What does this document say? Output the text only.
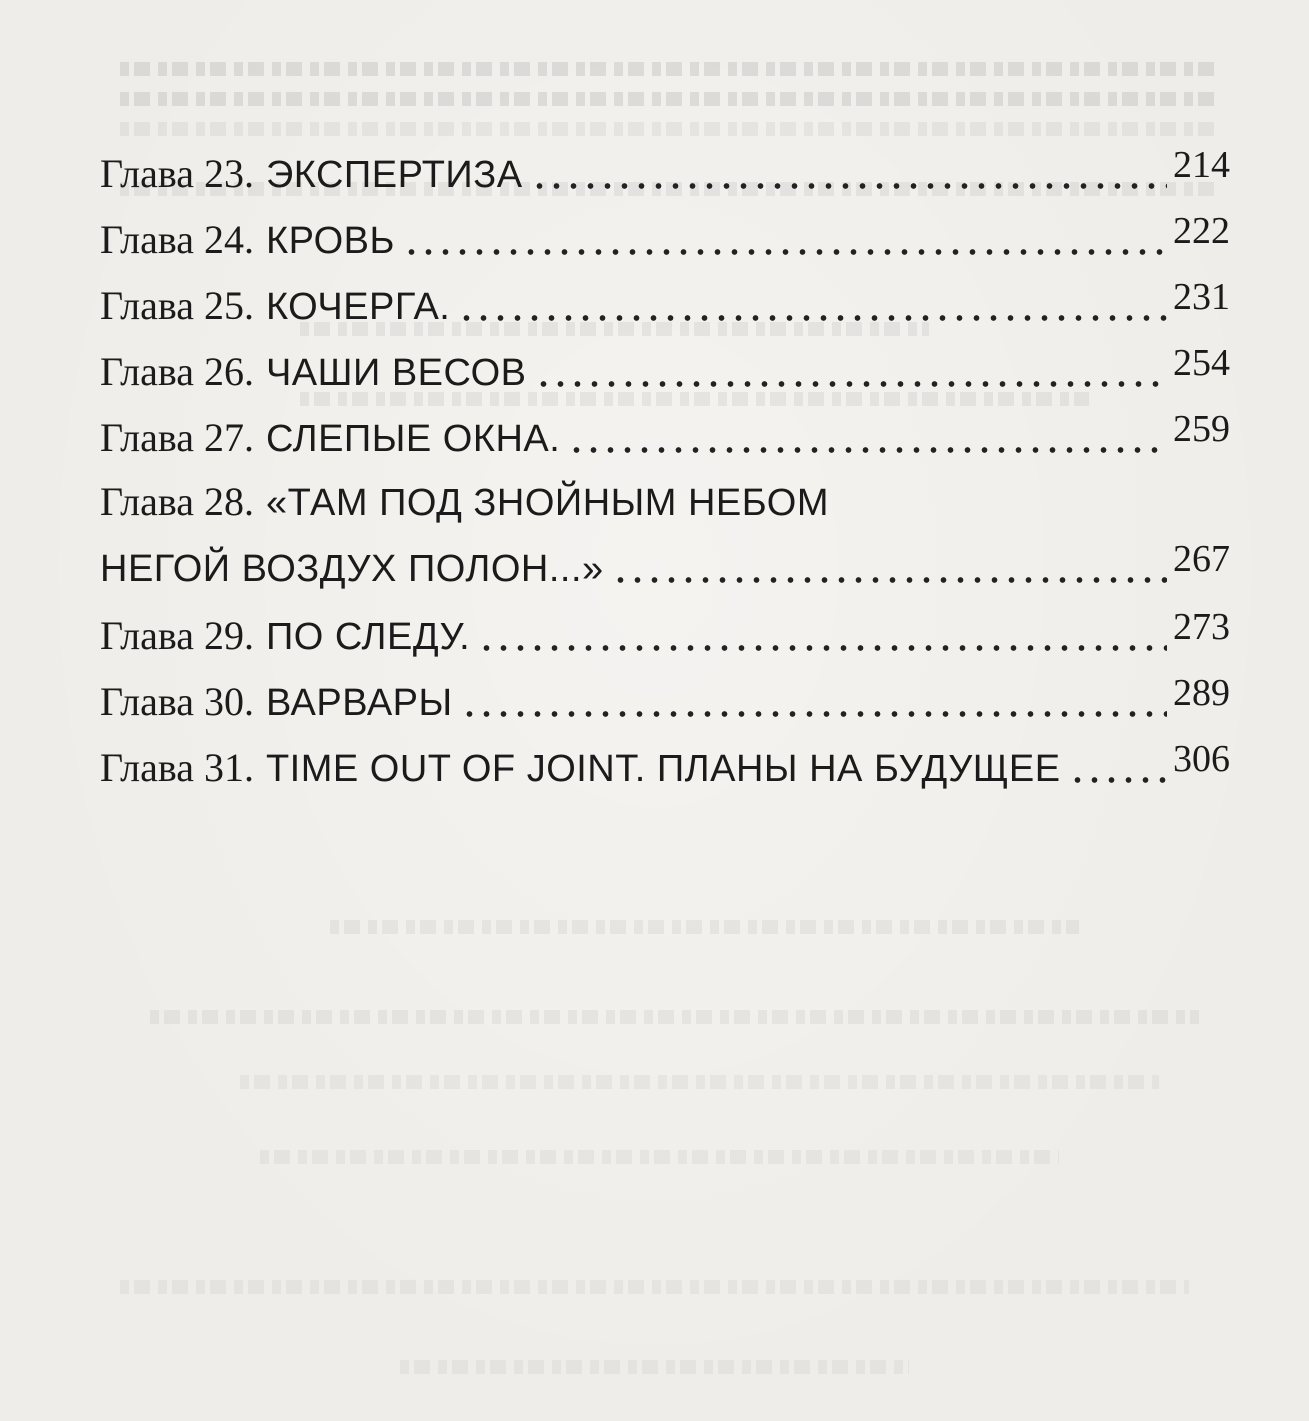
Глава 23. ЭКСПЕРТИЗА	214
Глава 24. КРОВЬ	222
Глава 25. КОЧЕРГА.	231
Глава 26. ЧАШИ ВЕСОВ	254
Глава 27. СЛЕПЫЕ ОКНА.	259
Глава 28. «ТАМ ПОД ЗНОЙНЫМ НЕБОМ
НЕГОЙ ВОЗДУХ ПОЛОН...»	267
Глава 29. ПО СЛЕДУ.	273
Глава 30. ВАРВАРЫ	289
Глава 31. TIME OUT OF JOINT. ПЛАНЫ НА БУДУЩЕЕ	306
